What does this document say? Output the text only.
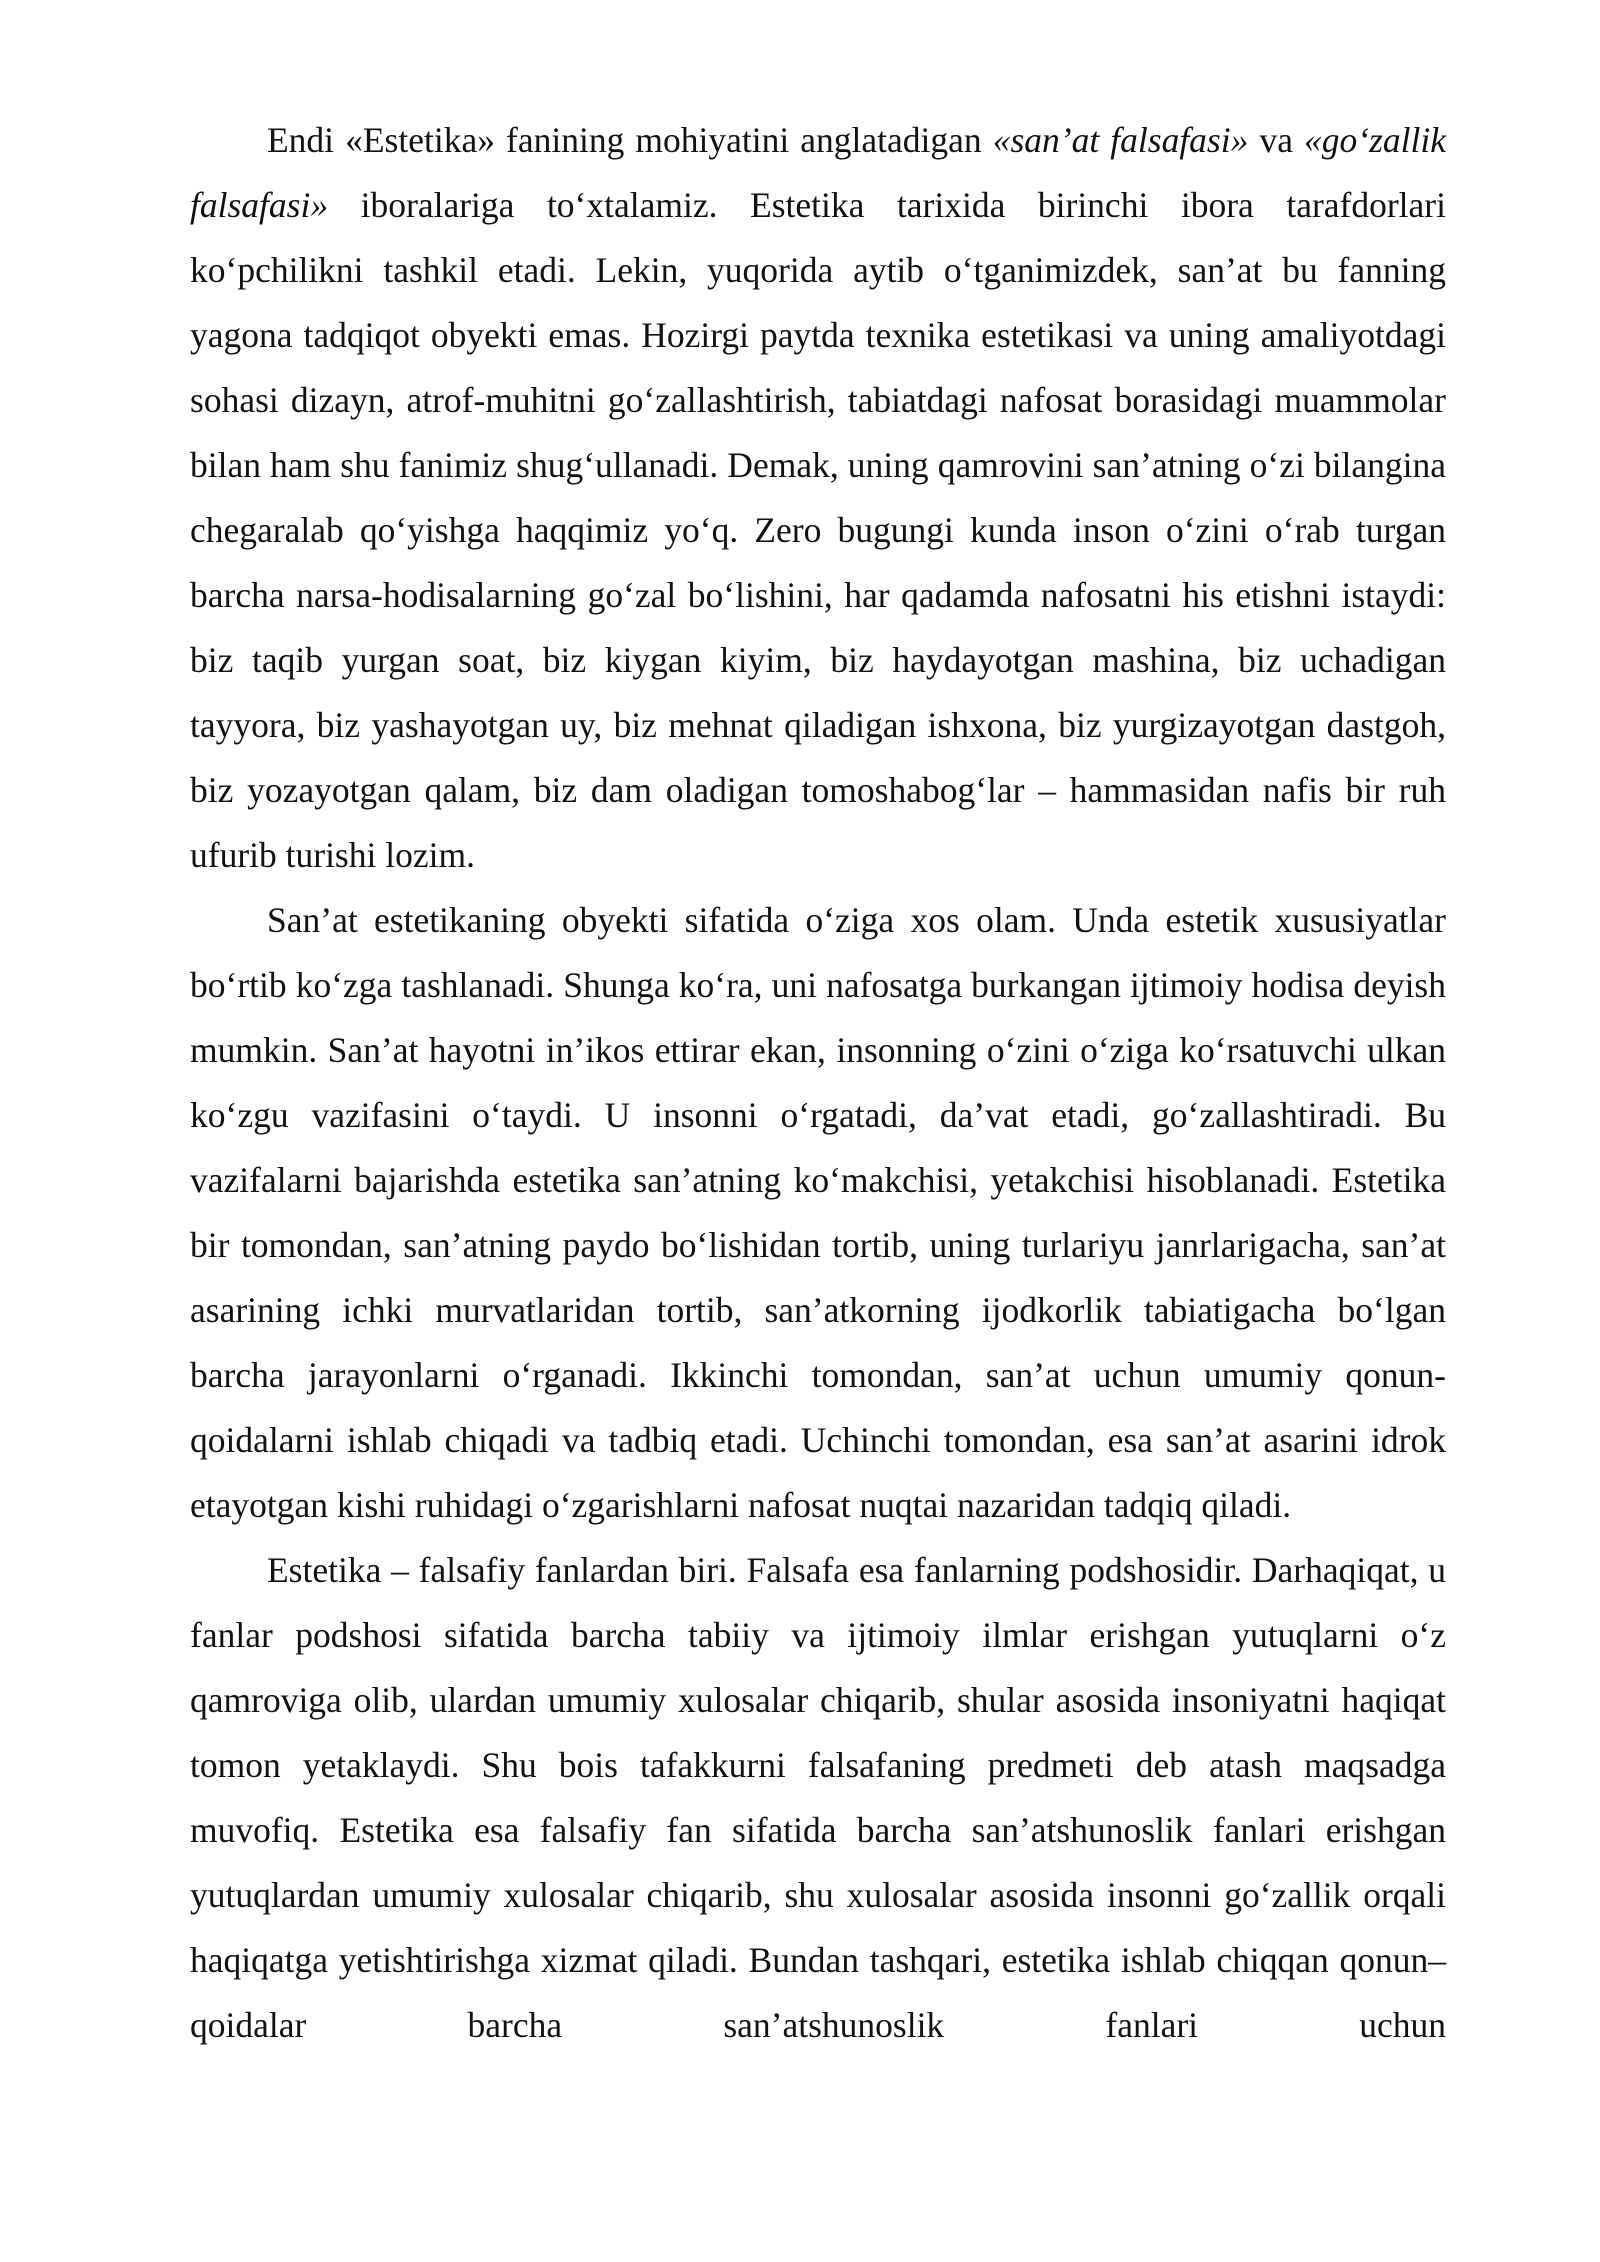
Endi «Estetika» fanining mohiyatini anglatadigan «san’at falsafasi» va «go‘zallik falsafasi» iboralariga to‘xtalamiz. Estetika tarixida birinchi ibora tarafdorlari ko‘pchilikni tashkil etadi. Lekin, yuqorida aytib o‘tganimizdek, san’at bu fanning yagona tadqiqot obyekti emas. Hozirgi paytda texnika estetikasi va uning amaliyotdagi sohasi dizayn, atrof-muhitni go‘zallashtirish, tabiatdagi nafosat borasidagi muammolar bilan ham shu fanimiz shug‘ullanadi. Demak, uning qamrovini san’atning o‘zi bilangina chegaralab qo‘yishga haqqimiz yo‘q. Zero bugungi kunda inson o‘zini o‘rab turgan barcha narsa-hodisalarning go‘zal bo‘lishini, har qadamda nafosatni his etishni istaydi: biz taqib yurgan soat, biz kiygan kiyim, biz haydayotgan mashina, biz uchadigan tayyora, biz yashayotgan uy, biz mehnat qiladigan ishxona, biz yurgizayotgan dastgoh, biz yozayotgan qalam, biz dam oladigan tomoshabog‘lar – hammasidan nafis bir ruh ufurib turishi lozim.

San’at estetikaning obyekti sifatida o‘ziga xos olam. Unda estetik xususiyatlar bo‘rtib ko‘zga tashlanadi. Shunga ko‘ra, uni nafosatga burkangan ijtimoiy hodisa deyish mumkin. San’at hayotni in’ikos ettirar ekan, insonning o‘zini o‘ziga ko‘rsatuvchi ulkan ko‘zgu vazifasini o‘taydi. U insonni o‘rgatadi, da’vat etadi, go‘zallashtiradi. Bu vazifalarni bajarishda estetika san’atning ko‘makchisi, yetakchisi hisoblanadi. Estetika bir tomondan, san’atning paydo bo‘lishidan tortib, uning turlariyu janrlarigacha, san’at asarining ichki murvatlaridan tortib, san’atkorning ijodkorlik tabiatigacha bo‘lgan barcha jarayonlarni o‘rganadi. Ikkinchi tomondan, san’at uchun umumiy qonun-qoidalarni ishlab chiqadi va tadbiq etadi. Uchinchi tomondan, esa san’at asarini idrok etayotgan kishi ruhidagi o‘zgarishlarni nafosat nuqtai nazaridan tadqiq qiladi.

Estetika – falsafiy fanlardan biri. Falsafa esa fanlarning podshosidir. Darhaqiqat, u fanlar podshosi sifatida barcha tabiiy va ijtimoiy ilmlar erishgan yutuqlarni o‘z qamroviga olib, ulardan umumiy xulosalar chiqarib, shular asosida insoniyatni haqiqat tomon yetaklaydi. Shu bois tafakkurni falsafaning predmeti deb atash maqsadga muvofiq. Estetika esa falsafiy fan sifatida barcha san’atshunoslik fanlari erishgan yutuqlardan umumiy xulosalar chiqarib, shu xulosalar asosida insonni go‘zallik orqali haqiqatga yetishtirishga xizmat qiladi. Bundan tashqari, estetika ishlab chiqqan qonun–qoidalar barcha san’atshunoslik fanlari uchun
